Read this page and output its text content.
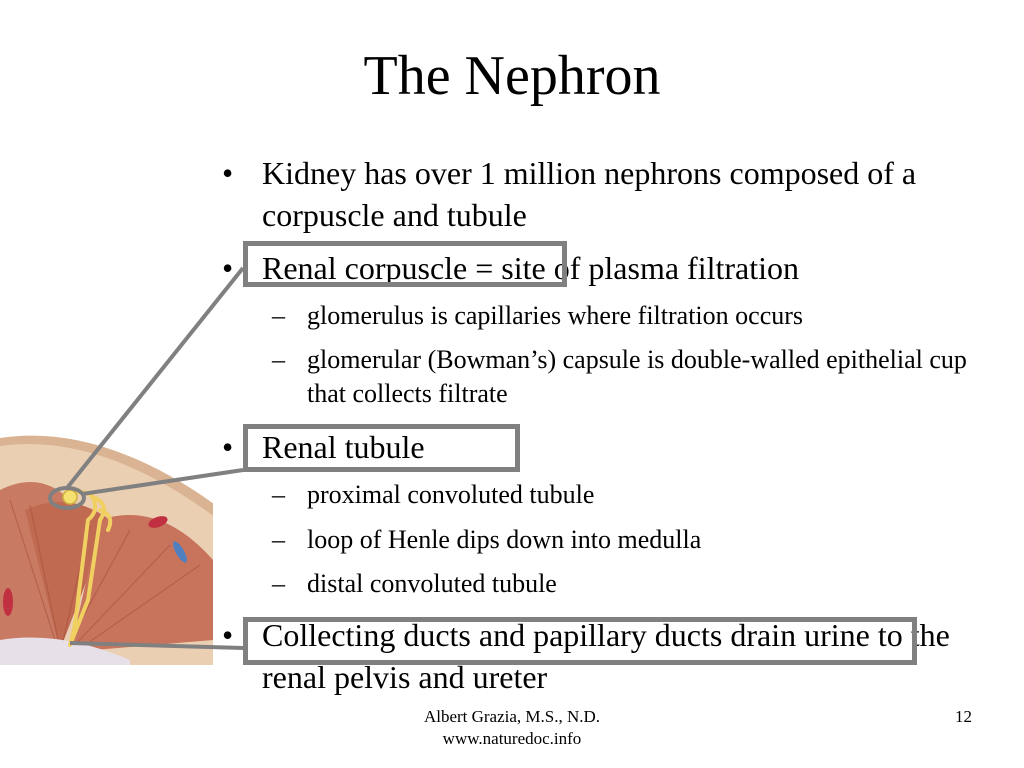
The Nephron
• Kidney has over 1 million nephrons composed of a corpuscle and tubule
• Renal corpuscle = site of plasma filtration
– glomerulus is capillaries where filtration occurs
– glomerular (Bowman’s) capsule is double-walled epithelial cup that collects filtrate
• Renal tubule
– proximal convoluted tubule
– loop of Henle dips down into medulla
– distal convoluted tubule
• Collecting ducts and papillary ducts drain urine to the renal pelvis and ureter
Albert Grazia, M.S., N.D.
www.naturedoc.info
12
